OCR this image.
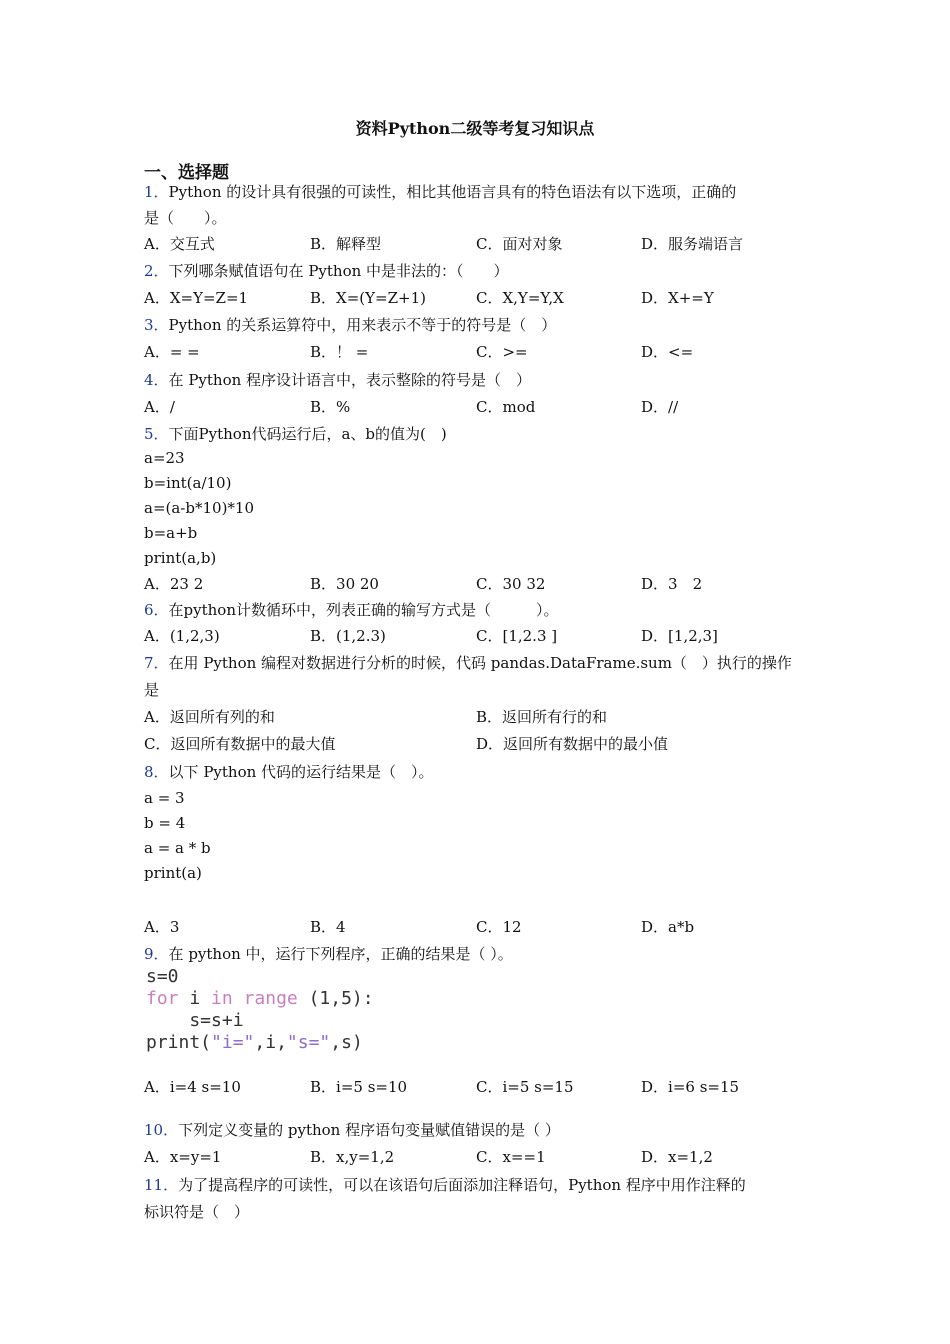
资料Python二级等考复习知识点
一、选择题
1．Python 的设计具有很强的可读性，相比其他语言具有的特色语法有以下选项，正确的
是（　　）。
A．交互式	B．解释型	C．面对对象	D．服务端语言
2．下列哪条赋值语句在 Python 中是非法的：（　　）
A．X=Y=Z=1	B．X=(Y=Z+1)	C．X,Y=Y,X	D．X+=Y
3．Python 的关系运算符中，用来表示不等于的符号是（　）
A．= =	B．！ =	C．>=	D．<=
4．在 Python 程序设计语言中，表示整除的符号是（　）
A．/	B．%	C．mod	D．//
5．下面Python代码运行后，a、b的值为(　)
a=23
b=int(a/10)
a=(a-b*10)*10
b=a+b
print(a,b)
A．23 2	B．30 20	C．30 32	D．3　2
6．在python计数循环中，列表正确的输写方式是（　　　）。
A．(1,2,3)	B．(1,2.3)	C．[1,2.3 ]	D．[1,2,3]
7．在用 Python 编程对数据进行分析的时候，代码 pandas.DataFrame.sum（　）执行的操作
是
A．返回所有列的和	B．返回所有行的和
C．返回所有数据中的最大值	D．返回所有数据中的最小值
8．以下 Python 代码的运行结果是（　）。
a = 3
b = 4
a = a * b
print(a)
A．3	B．4	C．12	D．a*b
9．在 python 中，运行下列程序，正确的结果是（ ）。
s=0
for i in range (1,5):
s=s+i
print("i=",i,"s=",s)
A．i=4 s=10	B．i=5 s=10	C．i=5 s=15	D．i=6 s=15
10．下列定义变量的 python 程序语句变量赋值错误的是（ ）
A．x=y=1	B．x,y=1,2	C．x==1	D．x=1,2
11．为了提高程序的可读性，可以在该语句后面添加注释语句，Python 程序中用作注释的
标识符是（　）
